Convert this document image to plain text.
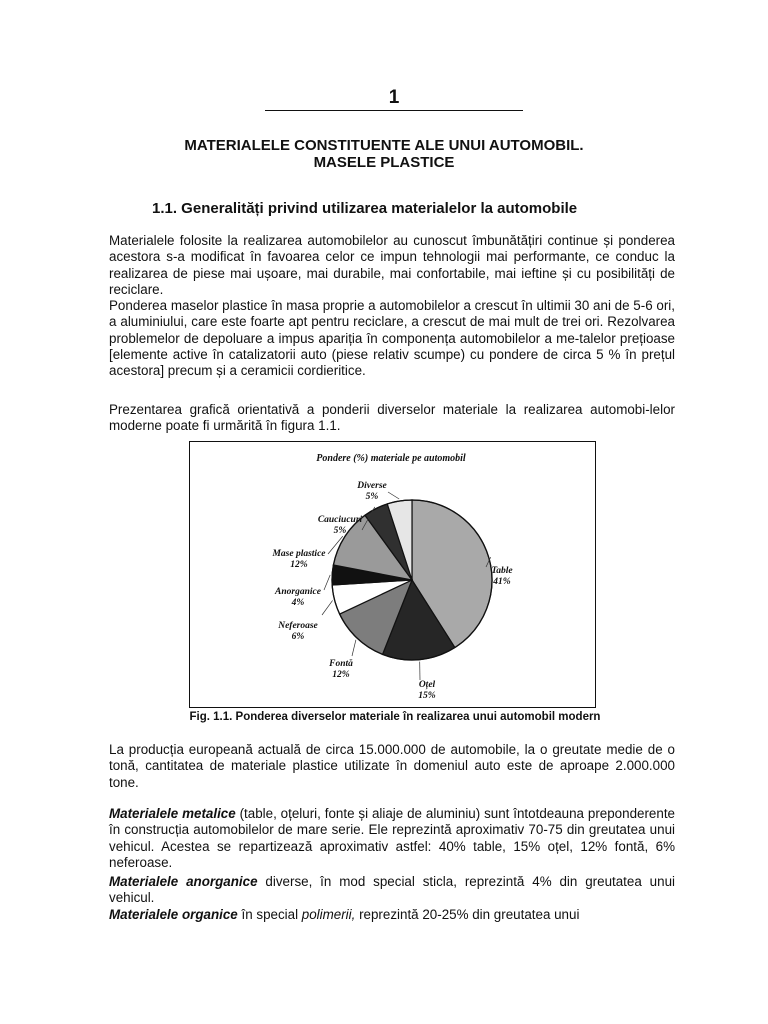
1
MATERIALELE CONSTITUENTE ALE UNUI AUTOMOBIL.
MASELE PLASTICE
1.1. Generalități privind utilizarea materialelor la automobile

Materialele folosite la realizarea automobilelor au cunoscut îmbunătățiri continue și ponderea acestora s-a modificat în favoarea celor ce impun tehnologii mai performante, ce conduc la realizarea de piese mai ușoare, mai durabile, mai confortabile, mai ieftine și cu posibilități de reciclare.

Ponderea maselor plastice în masa proprie a automobilelor a crescut în ultimii 30 ani de 5-6 ori, a aluminiului, care este foarte apt pentru reciclare, a crescut de mai mult de trei ori. Rezolvarea problemelor de depoluare a impus apariția în componența automobilelor a me-talelor prețioase [elemente active în catalizatorii auto (piese relativ scumpe) cu pondere de circa 5 % în prețul acestora] precum și a ceramicii cordieritice.

Prezentarea grafică orientativă a ponderii diverselor materiale la realizarea automobi-lelor moderne poate fi urmărită în figura 1.1.

Pondere (%) materiale pe automobil
Table
41%
Oțel
15%
Fontă
12%
Neferoase
6%
Anorganice
4%
Mase plastice
12%
Cauciucuri
5%
Diverse
5%
Fig. 1.1. Ponderea diverselor materiale în realizarea unui automobil modern

La producția europeană actuală de circa 15.000.000 de automobile, la o greutate medie de o tonă, cantitatea de materiale plastice utilizate în domeniul auto este de aproape 2.000.000 tone.

Materialele metalice (table, oțeluri, fonte și aliaje de aluminiu) sunt întotdeauna preponderente în construcția automobilelor de mare serie. Ele reprezintă aproximativ 70-75 din greutatea unui vehicul. Acestea se repartizează aproximativ astfel: 40% table, 15% oțel, 12% fontă, 6% neferoase.

Materialele anorganice diverse, în mod special sticla, reprezintă 4% din greutatea unui vehicul.

Materialele organice în special polimerii, reprezintă 20-25% din greutatea unui
